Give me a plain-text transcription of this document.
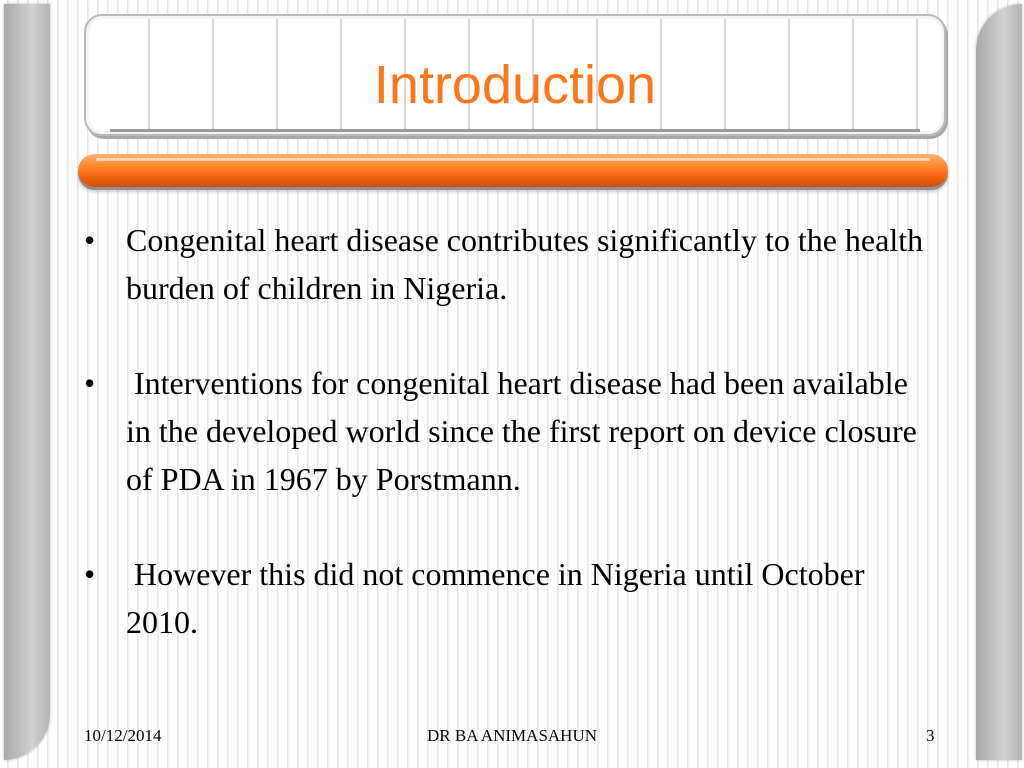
Introduction
• Congenital heart disease contributes significantly to the health burden of children in Nigeria.
• Interventions for congenital heart disease had been available in the developed world since the first report on device closure of PDA in 1967 by Porstmann.
• However this did not commence in Nigeria until October 2010.
10/12/2014	DR BA ANIMASAHUN	3
